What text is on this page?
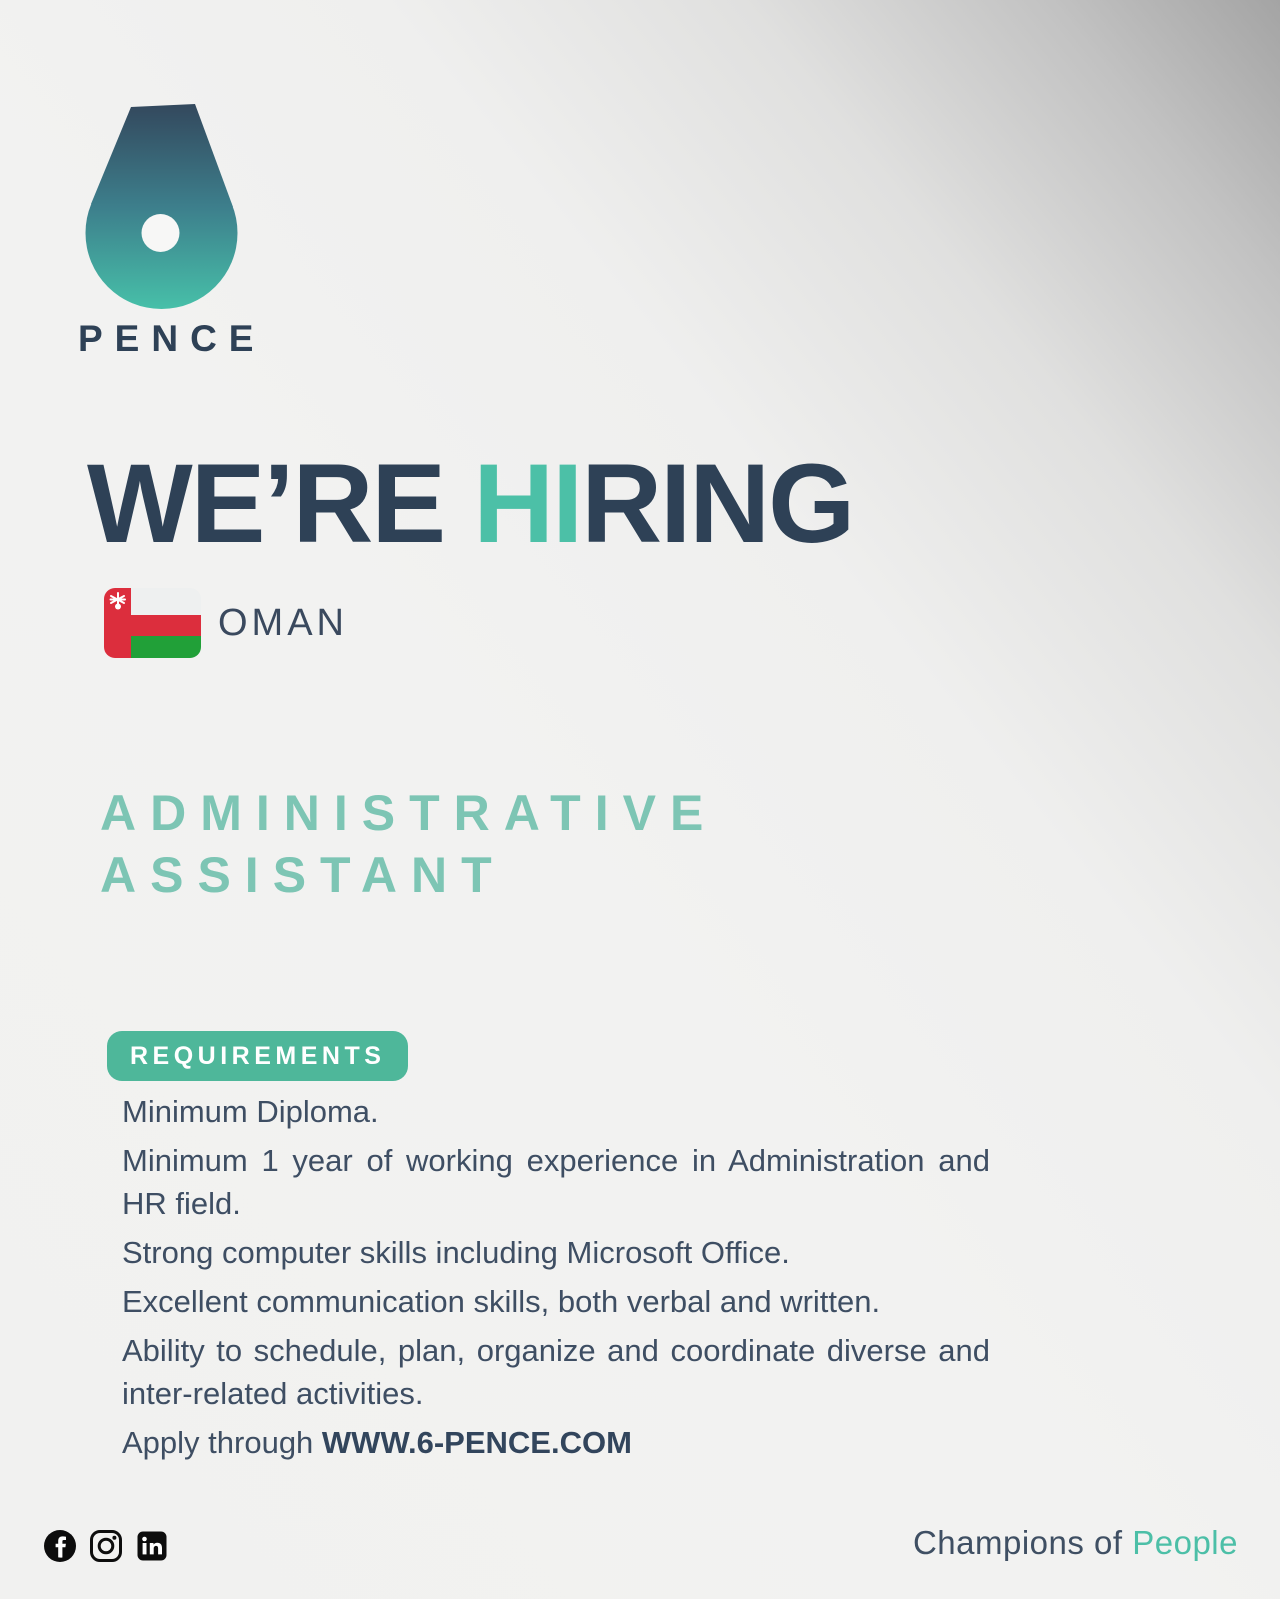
PENCE
WE’RE HIRING
OMAN
ADMINISTRATIVE
ASSISTANT
REQUIREMENTS

Minimum Diploma.

Minimum 1 year of working experience in Administration and HR field.

Strong computer skills including Microsoft Office.

Excellent communication skills, both verbal and written.

Ability to schedule, plan, organize and coordinate diverse and inter-related activities.

Apply through WWW.6-PENCE.COM

Champions of People
